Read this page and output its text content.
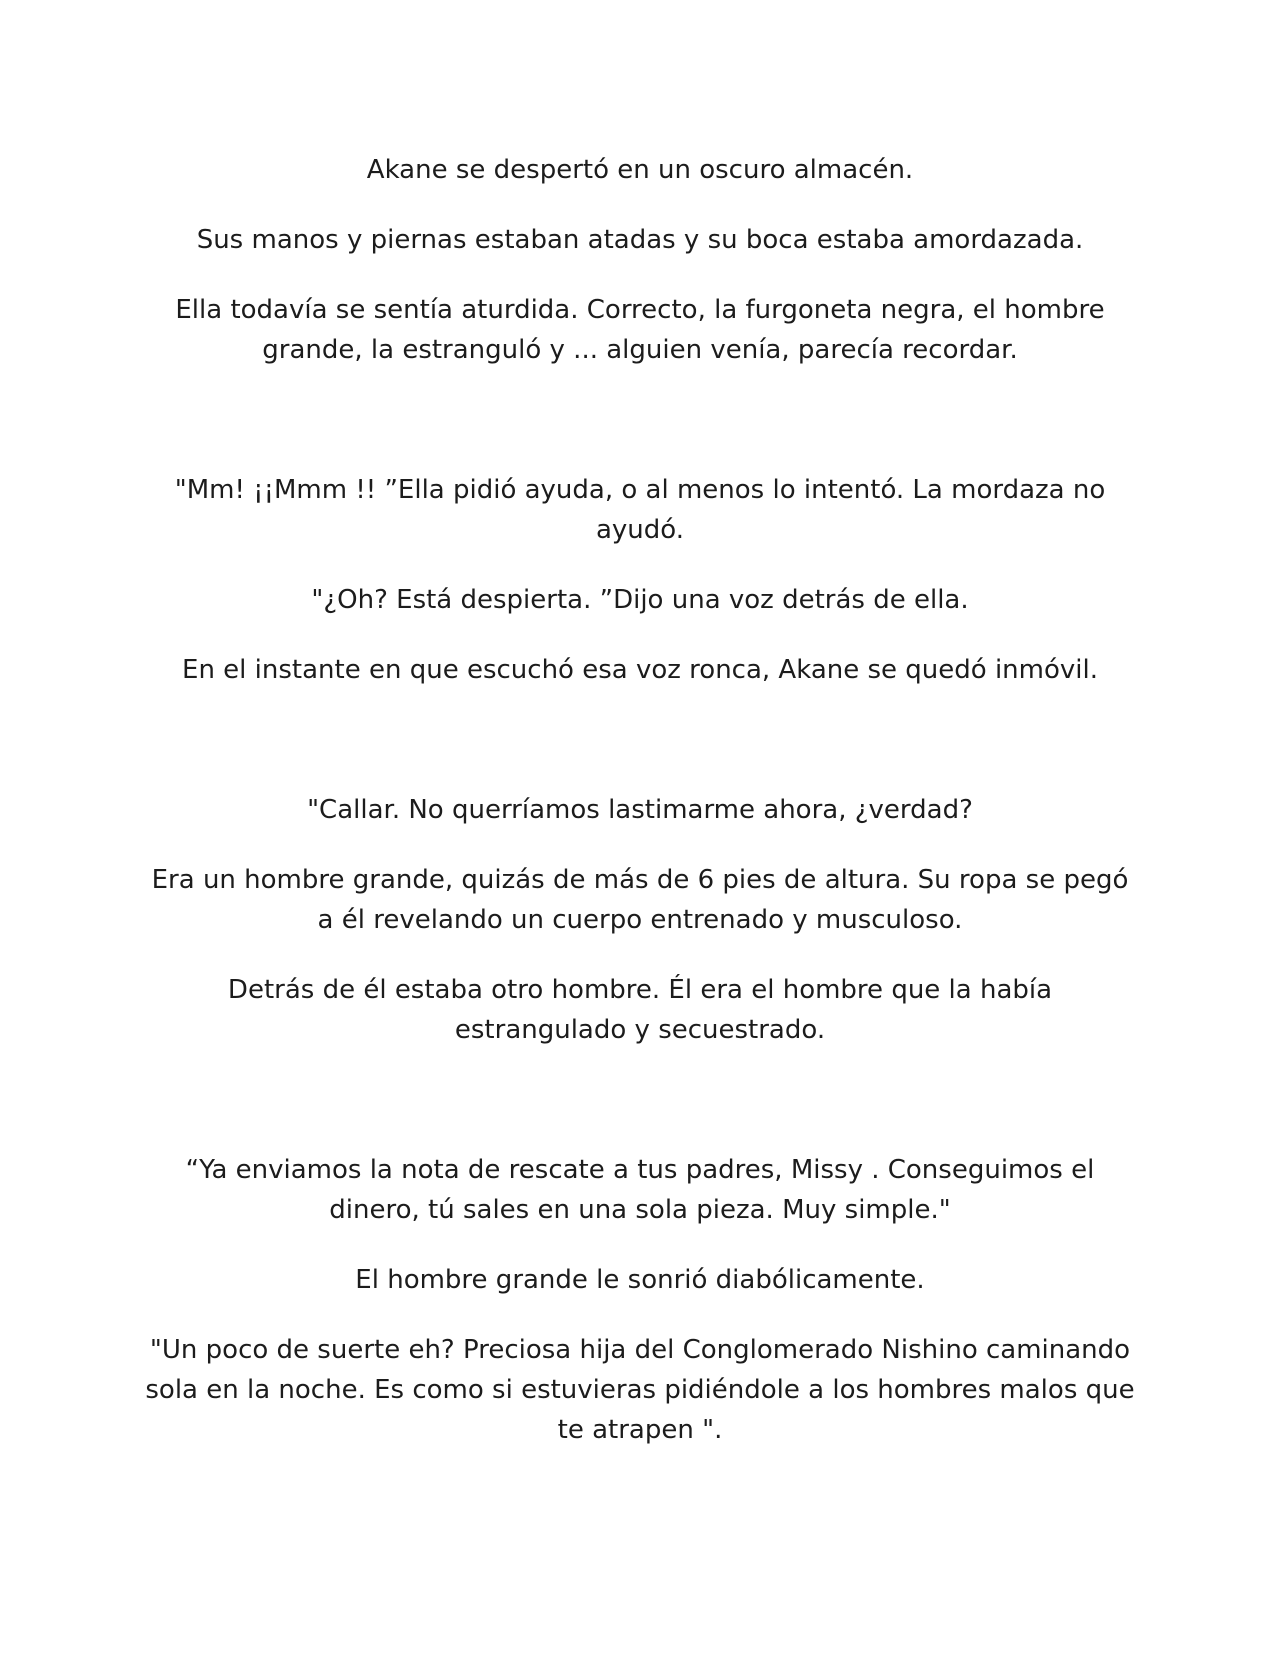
Akane se despertó en un oscuro almacén.

Sus manos y piernas estaban atadas y su boca estaba amordazada.

Ella todavía se sentía aturdida. Correcto, la furgoneta negra, el hombre grande, la estranguló y ... alguien venía, parecía recordar.

"Mm! ¡¡Mmm !! ”Ella pidió ayuda, o al menos lo intentó. La mordaza no ayudó.

"¿Oh? Está despierta. ”Dijo una voz detrás de ella.

En el instante en que escuchó esa voz ronca, Akane se quedó inmóvil.

"Callar. No querríamos lastimarme ahora, ¿verdad?

Era un hombre grande, quizás de más de 6 pies de altura. Su ropa se pegó a él revelando un cuerpo entrenado y musculoso.

Detrás de él estaba otro hombre. Él era el hombre que la había estrangulado y secuestrado.

“Ya enviamos la nota de rescate a tus padres, Missy . Conseguimos el dinero, tú sales en una sola pieza. Muy simple."

El hombre grande le sonrió diabólicamente.

"Un poco de suerte eh? Preciosa hija del Conglomerado Nishino caminando sola en la noche. Es como si estuvieras pidiéndole a los hombres malos que te atrapen ".
